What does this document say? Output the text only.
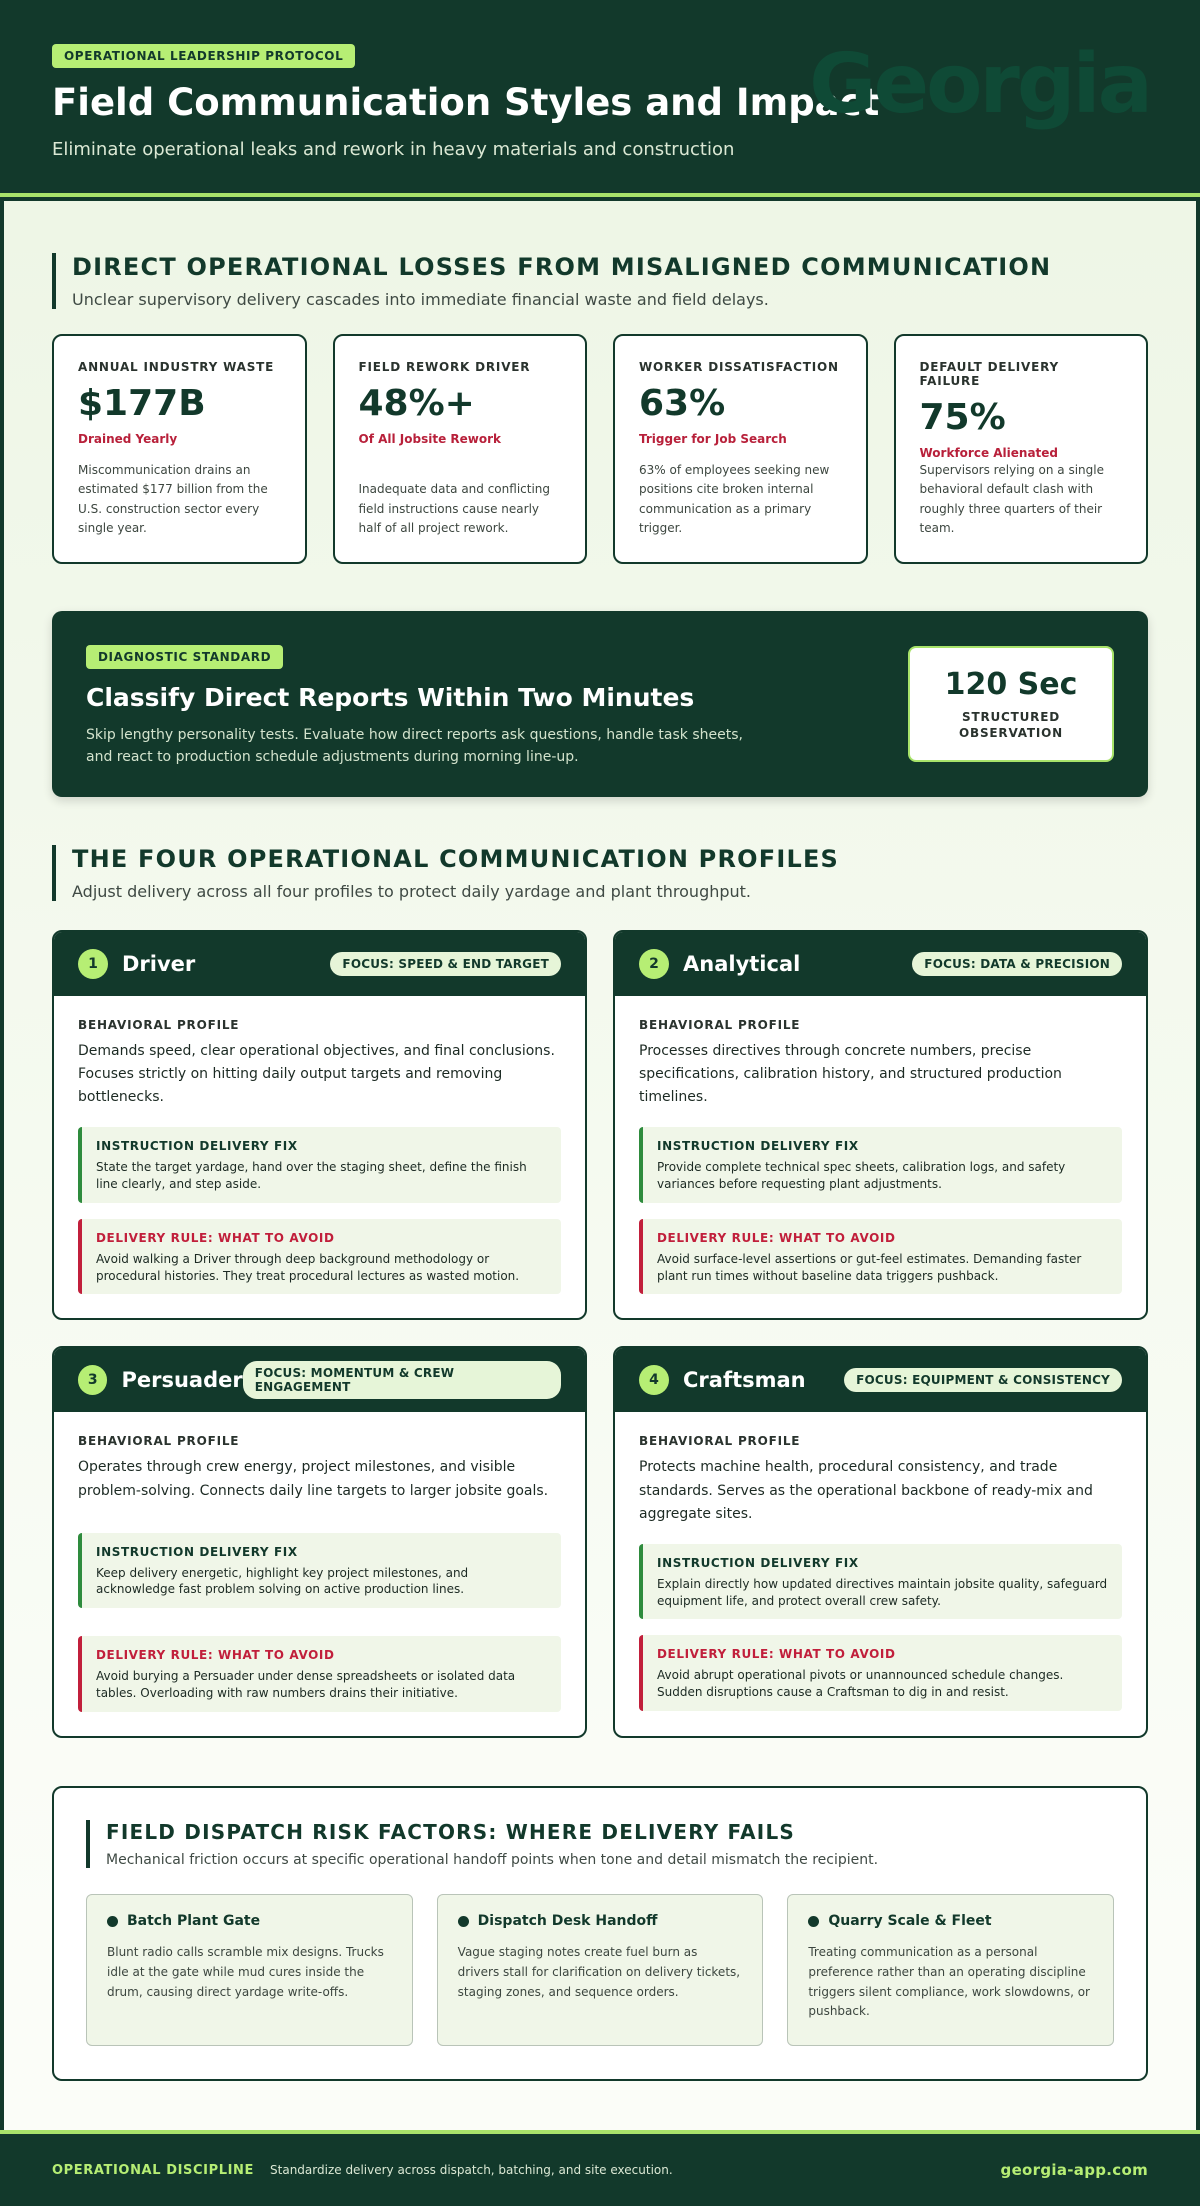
OPERATIONAL LEADERSHIP PROTOCOL
Field Communication Styles and Impact

Eliminate operational leaks and rework in heavy materials and construction

Georgia
DIRECT OPERATIONAL LOSSES FROM MISALIGNED COMMUNICATION

Unclear supervisory delivery cascades into immediate financial waste and field delays.

ANNUAL INDUSTRY WASTE
$177B
Drained Yearly
Miscommunication drains an estimated $177 billion from the U.S. construction sector every single year.
FIELD REWORK DRIVER
48%+
Of All Jobsite Rework
Inadequate data and conflicting field instructions cause nearly half of all project rework.
WORKER DISSATISFACTION
63%
Trigger for Job Search
63% of employees seeking new positions cite broken internal communication as a primary trigger.
DEFAULT DELIVERY FAILURE
75%
Workforce Alienated
Supervisors relying on a single behavioral default clash with roughly three quarters of their team.
DIAGNOSTIC STANDARD
Classify Direct Reports Within Two Minutes

Skip lengthy personality tests. Evaluate how direct reports ask questions, handle task sheets, and react to production schedule adjustments during morning line-up.

120 Sec
STRUCTURED OBSERVATION
THE FOUR OPERATIONAL COMMUNICATION PROFILES

Adjust delivery across all four profiles to protect daily yardage and plant throughput.

1	Driver	FOCUS: SPEED & END TARGET
BEHAVIORAL PROFILE

Demands speed, clear operational objectives, and final conclusions. Focuses strictly on hitting daily output targets and removing bottlenecks.

INSTRUCTION DELIVERY FIX
State the target yardage, hand over the staging sheet, define the finish line clearly, and step aside.
DELIVERY RULE: WHAT TO AVOID
Avoid walking a Driver through deep background methodology or procedural histories. They treat procedural lectures as wasted motion.
2	Analytical	FOCUS: DATA & PRECISION
BEHAVIORAL PROFILE

Processes directives through concrete numbers, precise specifications, calibration history, and structured production timelines.

INSTRUCTION DELIVERY FIX
Provide complete technical spec sheets, calibration logs, and safety variances before requesting plant adjustments.
DELIVERY RULE: WHAT TO AVOID
Avoid surface-level assertions or gut-feel estimates. Demanding faster plant run times without baseline data triggers pushback.
3	Persuader	FOCUS: MOMENTUM & CREW ENGAGEMENT
BEHAVIORAL PROFILE

Operates through crew energy, project milestones, and visible problem-solving. Connects daily line targets to larger jobsite goals.

INSTRUCTION DELIVERY FIX
Keep delivery energetic, highlight key project milestones, and acknowledge fast problem solving on active production lines.
DELIVERY RULE: WHAT TO AVOID
Avoid burying a Persuader under dense spreadsheets or isolated data tables. Overloading with raw numbers drains their initiative.
4	Craftsman	FOCUS: EQUIPMENT & CONSISTENCY
BEHAVIORAL PROFILE

Protects machine health, procedural consistency, and trade standards. Serves as the operational backbone of ready-mix and aggregate sites.

INSTRUCTION DELIVERY FIX
Explain directly how updated directives maintain jobsite quality, safeguard equipment life, and protect overall crew safety.
DELIVERY RULE: WHAT TO AVOID
Avoid abrupt operational pivots or unannounced schedule changes. Sudden disruptions cause a Craftsman to dig in and resist.
FIELD DISPATCH RISK FACTORS: WHERE DELIVERY FAILS

Mechanical friction occurs at specific operational handoff points when tone and detail mismatch the recipient.

Batch Plant Gate

Blunt radio calls scramble mix designs. Trucks idle at the gate while mud cures inside the drum, causing direct yardage write-offs.

Dispatch Desk Handoff

Vague staging notes create fuel burn as drivers stall for clarification on delivery tickets, staging zones, and sequence orders.

Quarry Scale & Fleet

Treating communication as a personal preference rather than an operating discipline triggers silent compliance, work slowdowns, or pushback.

OPERATIONAL DISCIPLINE Standardize delivery across dispatch, batching, and site execution.	georgia-app.com
